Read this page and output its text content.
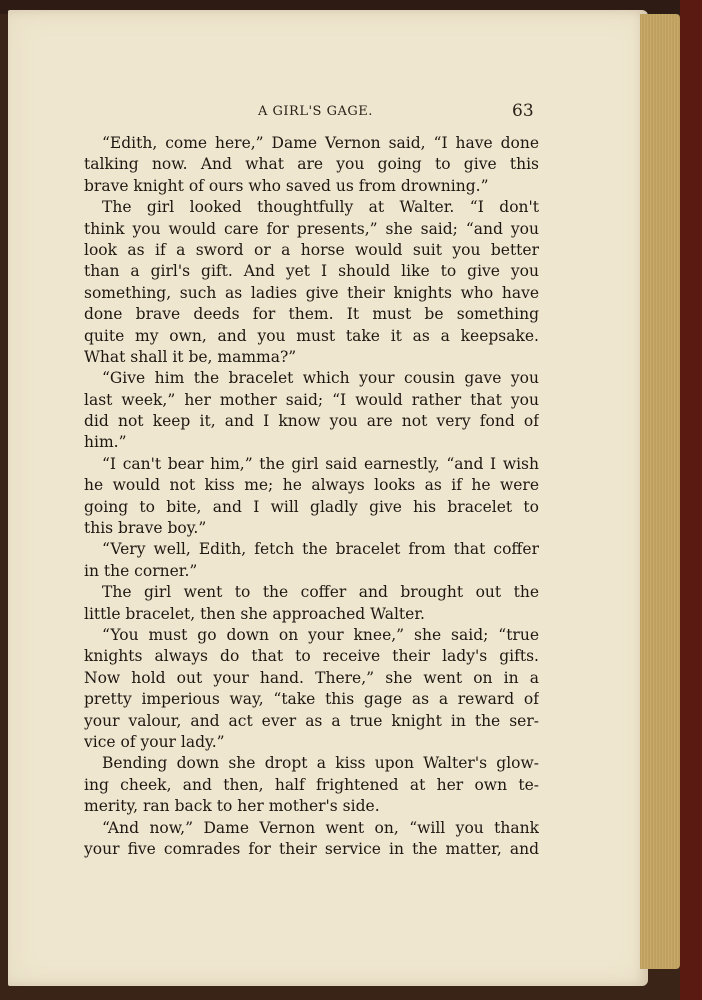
A GIRL'S GAGE.	63
“Edith, come here,” Dame Vernon said, “I have done
talking now. And what are you going to give this
brave knight of ours who saved us from drowning.”
The girl looked thoughtfully at Walter. “I don't
think you would care for presents,” she said; “and you
look as if a sword or a horse would suit you better
than a girl's gift. And yet I should like to give you
something, such as ladies give their knights who have
done brave deeds for them. It must be something
quite my own, and you must take it as a keepsake.
What shall it be, mamma?”
“Give him the bracelet which your cousin gave you
last week,” her mother said; “I would rather that you
did not keep it, and I know you are not very fond of
him.”
“I can't bear him,” the girl said earnestly, “and I wish
he would not kiss me; he always looks as if he were
going to bite, and I will gladly give his bracelet to
this brave boy.”
“Very well, Edith, fetch the bracelet from that coffer
in the corner.”
The girl went to the coffer and brought out the
little bracelet, then she approached Walter.
“You must go down on your knee,” she said; “true
knights always do that to receive their lady's gifts.
Now hold out your hand. There,” she went on in a
pretty imperious way, “take this gage as a reward of
your valour, and act ever as a true knight in the ser-
vice of your lady.”
Bending down she dropt a kiss upon Walter's glow-
ing cheek, and then, half frightened at her own te-
merity, ran back to her mother's side.
“And now,” Dame Vernon went on, “will you thank
your five comrades for their service in the matter, and
